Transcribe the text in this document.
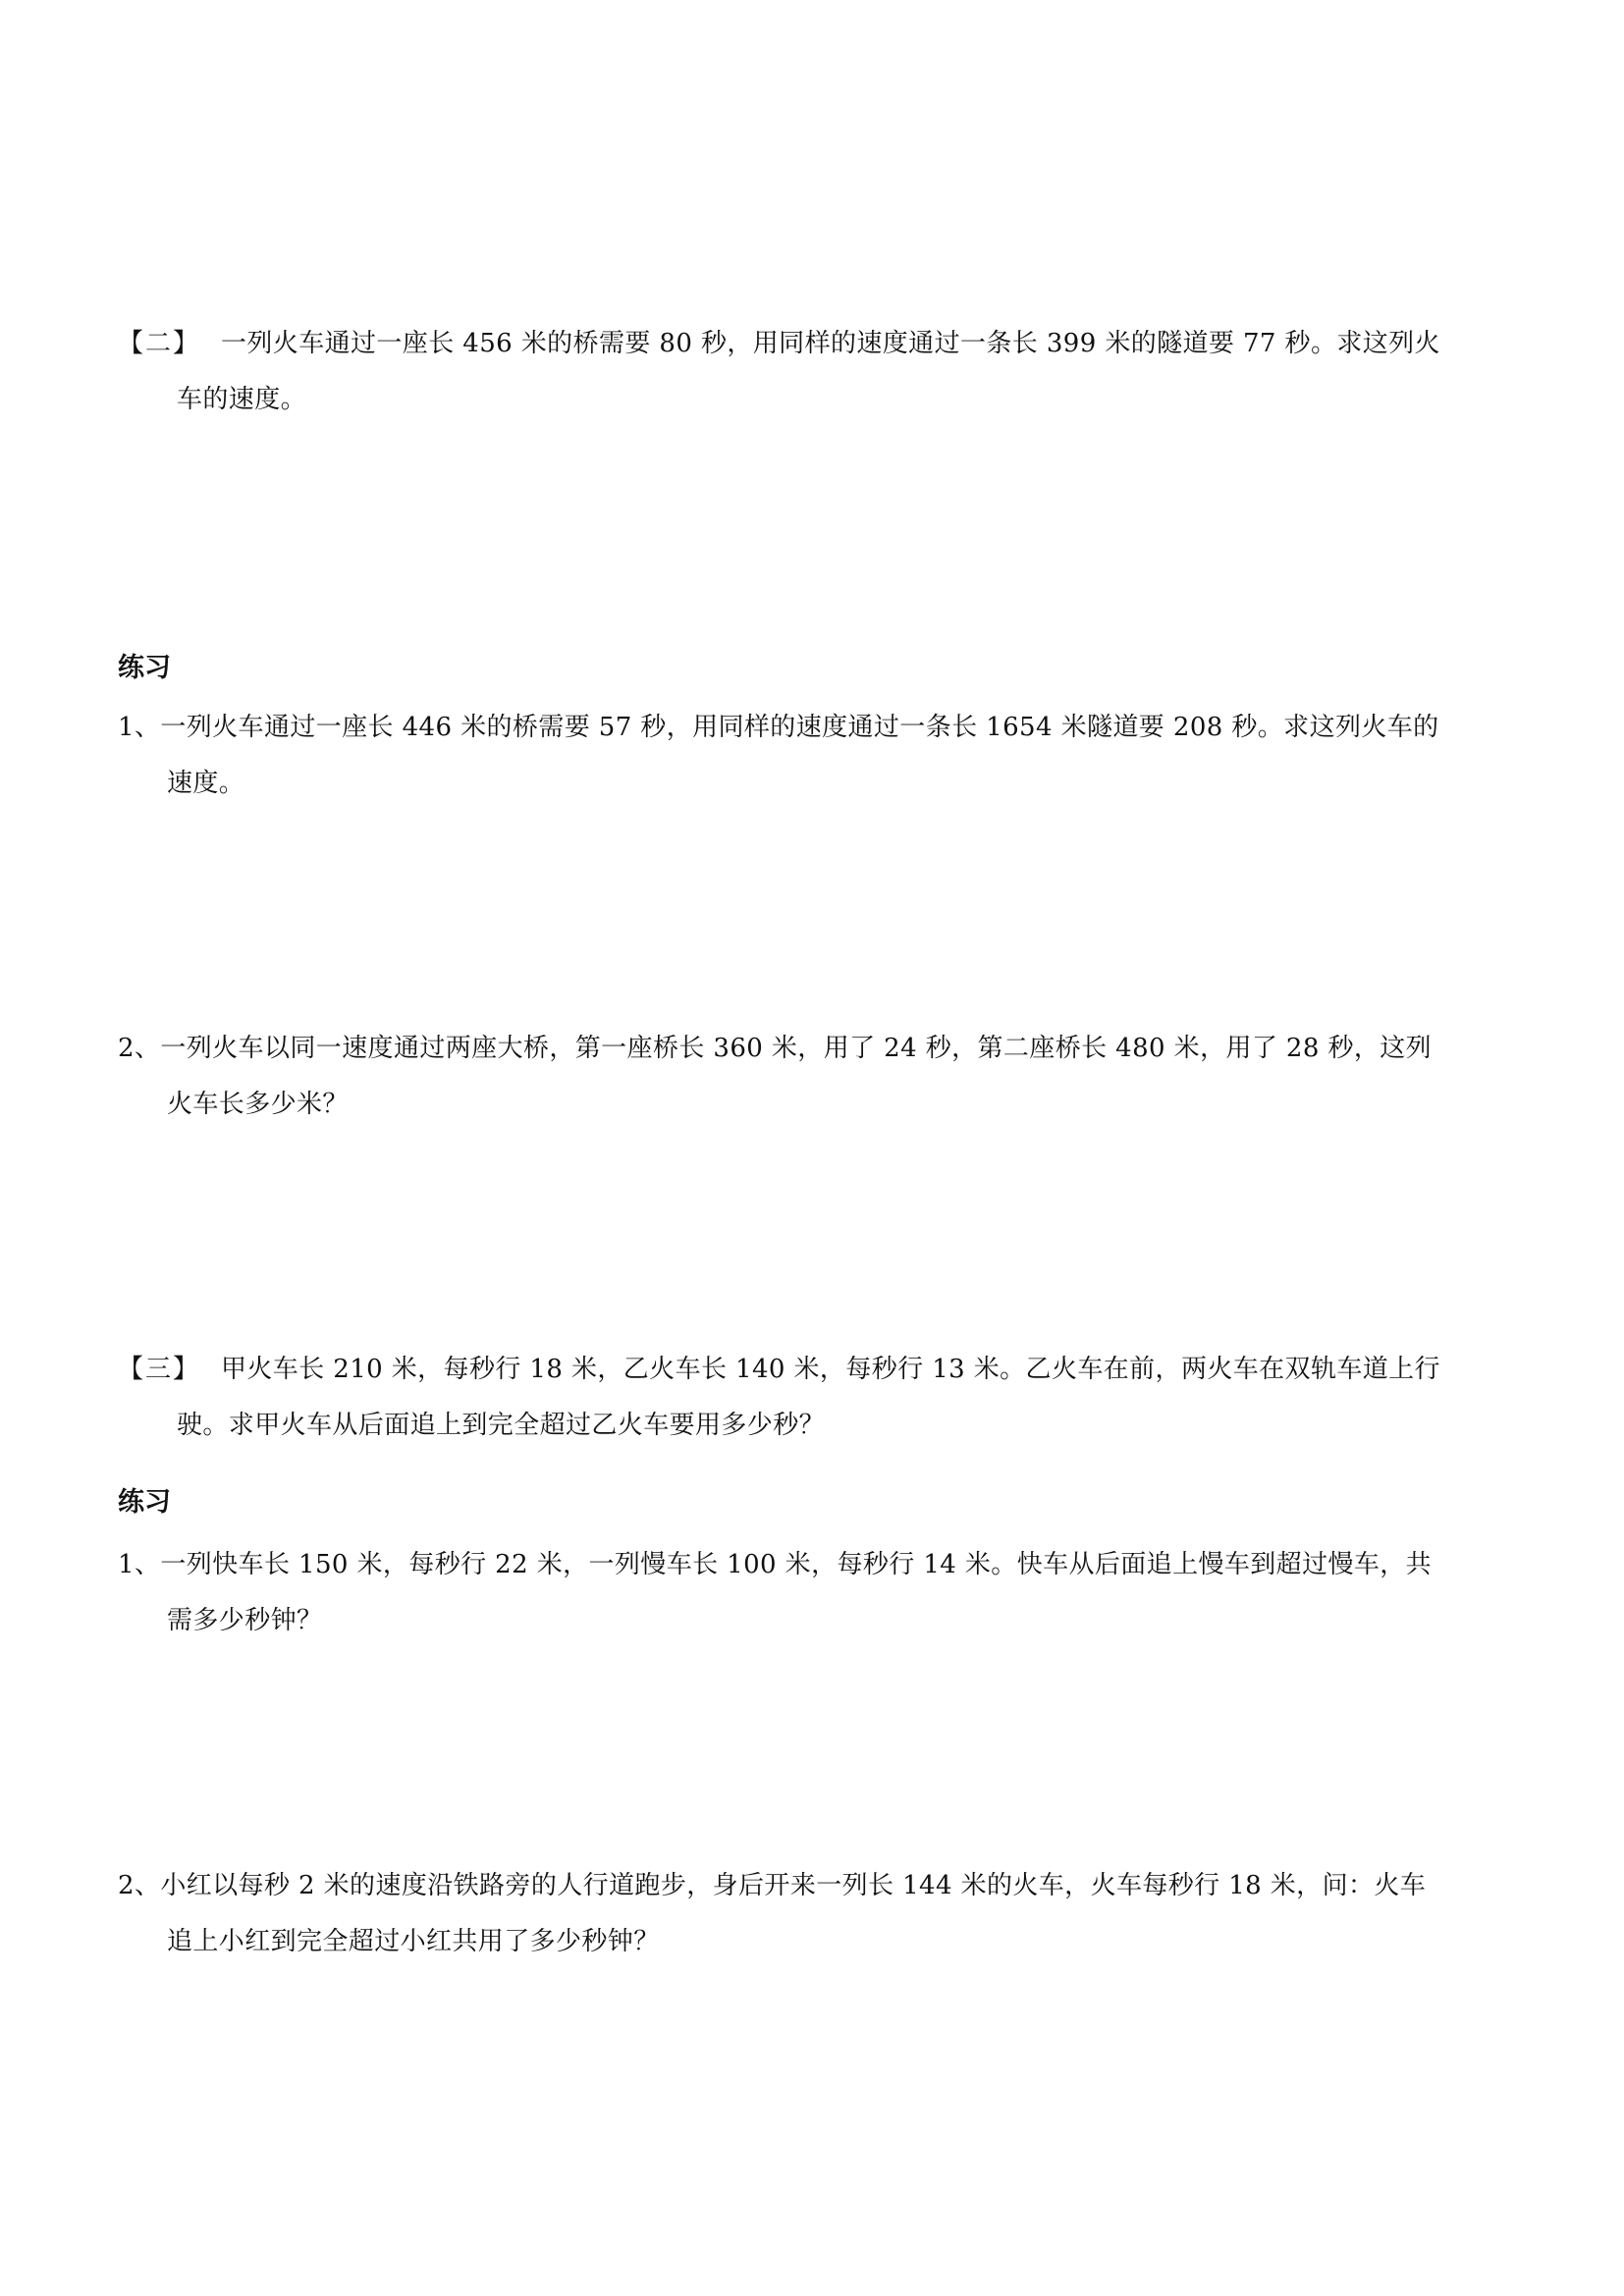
【二】 一列火车通过一座长 456 米的桥需要 80 秒，用同样的速度通过一条长 399 米的隧道要 77 秒。求这列火
车的速度。
练习
1、一列火车通过一座长 446 米的桥需要 57 秒，用同样的速度通过一条长 1654 米隧道要 208 秒。求这列火车的
速度。
2、一列火车以同一速度通过两座大桥，第一座桥长 360 米，用了 24 秒，第二座桥长 480 米，用了 28 秒，这列
火车长多少米？
【三】 甲火车长 210 米，每秒行 18 米，乙火车长 140 米，每秒行 13 米。乙火车在前，两火车在双轨车道上行
驶。求甲火车从后面追上到完全超过乙火车要用多少秒？
练习
1、一列快车长 150 米，每秒行 22 米，一列慢车长 100 米，每秒行 14 米。快车从后面追上慢车到超过慢车，共
需多少秒钟？
2、小红以每秒 2 米的速度沿铁路旁的人行道跑步，身后开来一列长 144 米的火车，火车每秒行 18 米，问：火车
追上小红到完全超过小红共用了多少秒钟？
